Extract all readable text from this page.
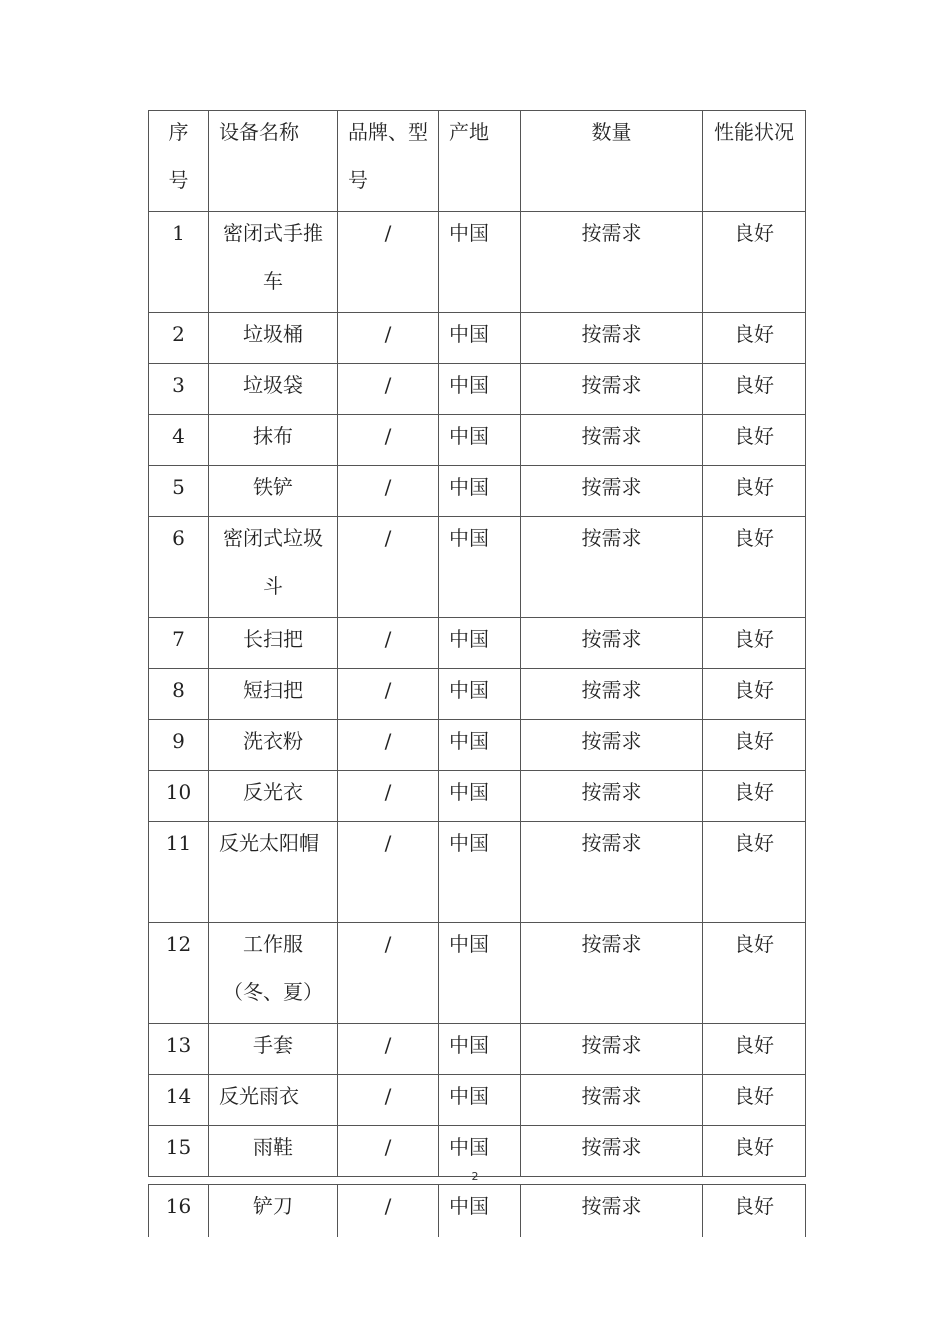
序号	设备名称	品牌、型号	产地	数量	性能状况

1	密闭式手推车	/	中国	按需求	良好

2	垃圾桶	/	中国	按需求	良好

3	垃圾袋	/	中国	按需求	良好

4	抹布	/	中国	按需求	良好

5	铁铲	/	中国	按需求	良好

6	密闭式垃圾斗	/	中国	按需求	良好

7	长扫把	/	中国	按需求	良好

8	短扫把	/	中国	按需求	良好

9	洗衣粉	/	中国	按需求	良好

10	反光衣	/	中国	按需求	良好

11	反光太阳帽	/	中国	按需求	良好

12	工作服（冬、夏）	/	中国	按需求	良好

13	手套	/	中国	按需求	良好

14	反光雨衣	/	中国	按需求	良好

15	雨鞋	/	中国	按需求	良好
2
16	铲刀	/	中国	按需求	良好
